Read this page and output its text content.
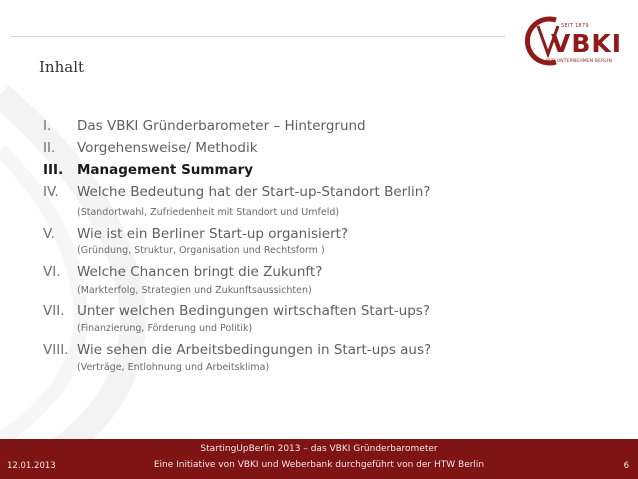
SEIT 1879
VBKI
WIR UNTERNEHMEN BERLIN
Inhalt
I. Das VBKI Gründerbarometer – Hintergrund
II. Vorgehensweise/ Methodik
III. Management Summary
IV. Welche Bedeutung hat der Start-up-Standort Berlin?
(Standortwahl, Zufriedenheit mit Standort und Umfeld)
V. Wie ist ein Berliner Start-up organisiert?
(Gründung, Struktur, Organisation und Rechtsform )
VI. Welche Chancen bringt die Zukunft?
(Markterfolg, Strategien und Zukunftsaussichten)
VII. Unter welchen Bedingungen wirtschaften Start-ups?
(Finanzierung, Förderung und Politik)
VIII. Wie sehen die Arbeitsbedingungen in Start-ups aus?
(Verträge, Entlohnung und Arbeitsklima)
StartingUpBerlin 2013 – das VBKI Gründerbarometer
Eine Initiative von VBKI und Weberbank durchgeführt von der HTW Berlin
12.01.2013	6
